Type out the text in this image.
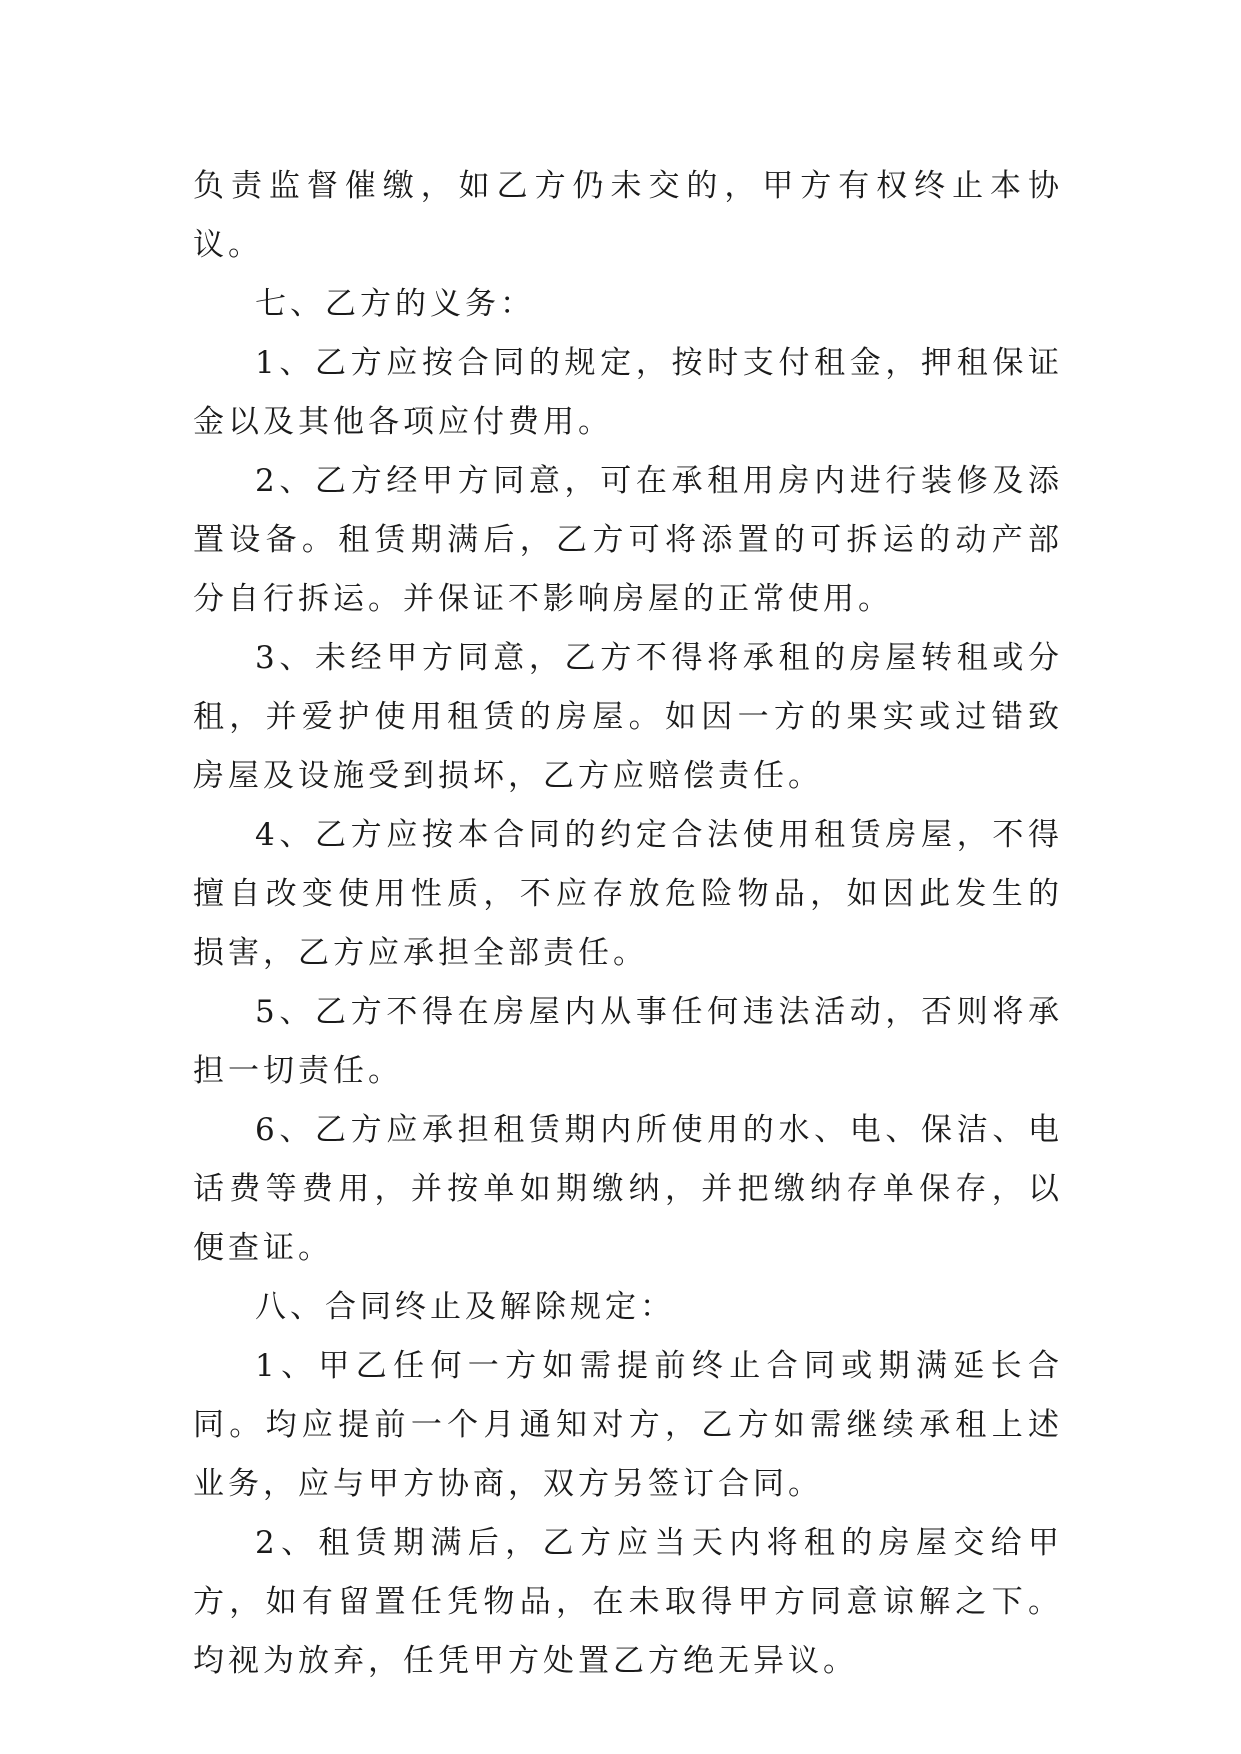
负责监督催缴，如乙方仍未交的，甲方有权终止本协议。

七、乙方的义务：

1、乙方应按合同的规定，按时支付租金，押租保证金以及其他各项应付费用。

2、乙方经甲方同意，可在承租用房内进行装修及添置设备。租赁期满后，乙方可将添置的可拆运的动产部分自行拆运。并保证不影响房屋的正常使用。

3、未经甲方同意，乙方不得将承租的房屋转租或分租，并爱护使用租赁的房屋。如因一方的果实或过错致房屋及设施受到损坏，乙方应赔偿责任。

4、乙方应按本合同的约定合法使用租赁房屋，不得擅自改变使用性质，不应存放危险物品，如因此发生的损害，乙方应承担全部责任。

5、乙方不得在房屋内从事任何违法活动，否则将承担一切责任。

6、乙方应承担租赁期内所使用的水、电、保洁、电话费等费用，并按单如期缴纳，并把缴纳存单保存，以便查证。

八、合同终止及解除规定：

1、甲乙任何一方如需提前终止合同或期满延长合同。均应提前一个月通知对方，乙方如需继续承租上述业务，应与甲方协商，双方另签订合同。

2、租赁期满后，乙方应当天内将租的房屋交给甲方，如有留置任凭物品，在未取得甲方同意谅解之下。均视为放弃，任凭甲方处置乙方绝无异议。
